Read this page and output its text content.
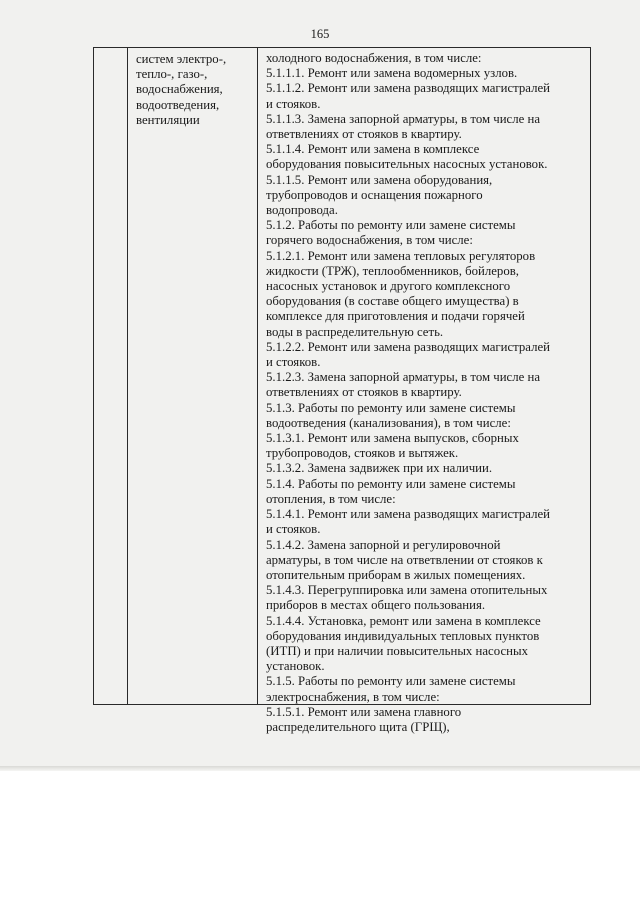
165
систем электро-,
тепло-, газо-,
водоснабжения,
водоотведения,
вентиляции
холодного водоснабжения, в том числе:
5.1.1.1. Ремонт или замена водомерных узлов.
5.1.1.2. Ремонт или замена разводящих магистралей
и стояков.
5.1.1.3. Замена запорной арматуры, в том числе на
ответвлениях от стояков в квартиру.
5.1.1.4. Ремонт или замена в комплексе
оборудования повысительных насосных установок.
5.1.1.5. Ремонт или замена оборудования,
трубопроводов и оснащения пожарного
водопровода.
5.1.2. Работы по ремонту или замене системы
горячего водоснабжения, в том числе:
5.1.2.1. Ремонт или замена тепловых регуляторов
жидкости (ТРЖ), теплообменников, бойлеров,
насосных установок и другого комплексного
оборудования (в составе общего имущества) в
комплексе для приготовления и подачи горячей
воды в распределительную сеть.
5.1.2.2. Ремонт или замена разводящих магистралей
и стояков.
5.1.2.3. Замена запорной арматуры, в том числе на
ответвлениях от стояков в квартиру.
5.1.3. Работы по ремонту или замене системы
водоотведения (канализования), в том числе:
5.1.3.1. Ремонт или замена выпусков, сборных
трубопроводов, стояков и вытяжек.
5.1.3.2. Замена задвижек при их наличии.
5.1.4. Работы по ремонту или замене системы
отопления, в том числе:
5.1.4.1. Ремонт или замена разводящих магистралей
и стояков.
5.1.4.2. Замена запорной и регулировочной
арматуры, в том числе на ответвлении от стояков к
отопительным приборам в жилых помещениях.
5.1.4.3. Перегруппировка или замена отопительных
приборов в местах общего пользования.
5.1.4.4. Установка, ремонт или замена в комплексе
оборудования индивидуальных тепловых пунктов
(ИТП) и при наличии повысительных насосных
установок.
5.1.5. Работы по ремонту или замене системы
электроснабжения, в том числе:
5.1.5.1. Ремонт или замена главного
распределительного щита (ГРЩ),
